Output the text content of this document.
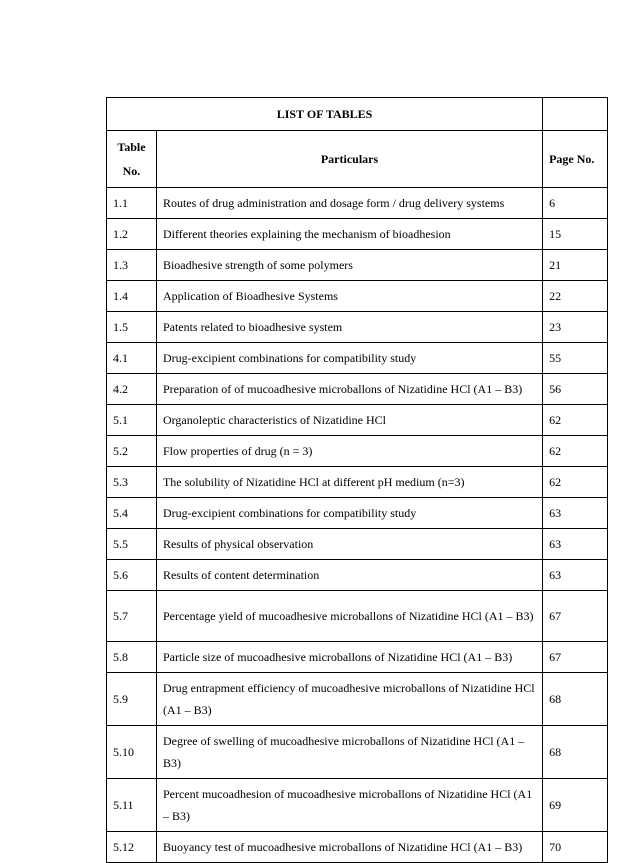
LIST OF TABLES		

Table
No.	Particulars	Page No.
1.1	Routes of drug administration and dosage form / drug delivery systems	6
1.2	Different theories explaining the mechanism of bioadhesion	15
1.3	Bioadhesive strength of some polymers	21
1.4	Application of Bioadhesive Systems	22
1.5	Patents related to bioadhesive system	23
4.1	Drug-excipient combinations for compatibility study	55
4.2	Preparation of of mucoadhesive microballons of Nizatidine HCl (A1 – B3)	56
5.1	Organoleptic characteristics of Nizatidine HCl	62
5.2	Flow properties of drug (n = 3)	62
5.3	The solubility of Nizatidine HCl at different pH medium (n=3)	62
5.4	Drug-excipient combinations for compatibility study	63
5.5	Results of physical observation	63
5.6	Results of content determination	63
5.7	Percentage yield of mucoadhesive microballons of Nizatidine HCl (A1 – B3)	67
5.8	Particle size of mucoadhesive microballons of Nizatidine HCl (A1 – B3)	67
5.9	Drug entrapment efficiency of mucoadhesive microballons of Nizatidine HCl (A1 – B3)	68
5.10	Degree of swelling of mucoadhesive microballons of Nizatidine HCl (A1 – B3)	68
5.11	Percent mucoadhesion of mucoadhesive microballons of Nizatidine HCl (A1 – B3)	69
5.12	Buoyancy test of mucoadhesive microballons of Nizatidine HCl (A1 – B3)	70
